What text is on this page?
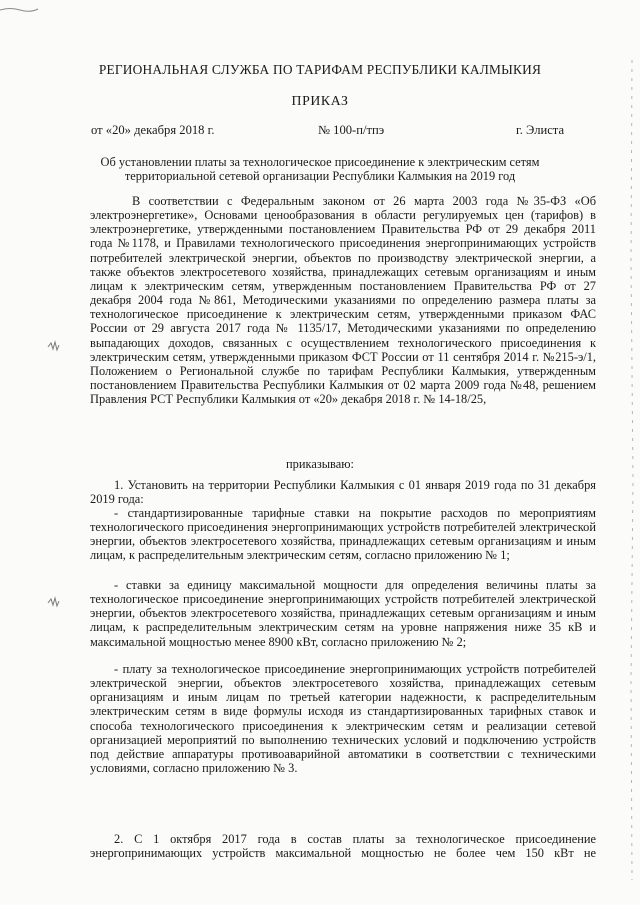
РЕГИОНАЛЬНАЯ СЛУЖБА ПО ТАРИФАМ РЕСПУБЛИКИ КАЛМЫКИЯ
ПРИКАЗ
от «20» декабря 2018 г.	№ 100-п/тпэ	г. Элиста
Об установлении платы за технологическое присоединение к электрическим сетям
территориальной сетевой организации Республики Калмыкия на 2019 год
В соответствии с Федеральным законом от 26 марта 2003 года №35-ФЗ «Об электроэнергетике», Основами ценообразования в области регулируемых цен (тарифов) в электроэнергетике, утвержденными постановлением Правительства РФ от 29 декабря 2011 года №1178, и Правилами технологического присоединения энергопринимающих устройств потребителей электрической энергии, объектов по производству электрической энергии, а также объектов электросетевого хозяйства, принадлежащих сетевым организациям и иным лицам к электрическим сетям, утвержденным постановлением Правительства РФ от 27 декабря 2004 года №861, Методическими указаниями по определению размера платы за технологическое присоединение к электрическим сетям, утвержденными приказом ФАС России от 29 августа 2017 года № 1135/17, Методическими указаниями по определению выпадающих доходов, связанных с осуществлением технологического присоединения к электрическим сетям, утвержденными приказом ФСТ России от 11 сентября 2014 г. №215-э/1, Положением о Региональной службе по тарифам Республики Калмыкия, утвержденным постановлением Правительства Республики Калмыкия от 02 марта 2009 года №48, решением Правления РСТ Республики Калмыкия от «20» декабря 2018 г. № 14-18/25,
приказываю:
1. Установить на территории Республики Калмыкия с 01 января 2019 года по 31 декабря 2019 года:
- стандартизированные тарифные ставки на покрытие расходов по мероприятиям технологического присоединения энергопринимающих устройств потребителей электрической энергии, объектов электросетевого хозяйства, принадлежащих сетевым организациям и иным лицам, к распределительным электрическим сетям, согласно приложению № 1;
- ставки за единицу максимальной мощности для определения величины платы за технологическое присоединение энергопринимающих устройств потребителей электрической энергии, объектов электросетевого хозяйства, принадлежащих сетевым организациям и иным лицам, к распределительным электрическим сетям на уровне напряжения ниже 35 кВ и максимальной мощностью менее 8900 кВт, согласно приложению № 2;
- плату за технологическое присоединение энергопринимающих устройств потребителей электрической энергии, объектов электросетевого хозяйства, принадлежащих сетевым организациям и иным лицам по третьей категории надежности, к распределительным электрическим сетям в виде формулы исходя из стандартизированных тарифных ставок и способа технологического присоединения к электрическим сетям и реализации сетевой организацией мероприятий по выполнению технических условий и подключению устройств под действие аппаратуры противоаварийной автоматики в соответствии с техническими условиями, согласно приложению № 3.
2. С 1 октября 2017 года в состав платы за технологическое присоединение энергопринимающих устройств максимальной мощностью не более чем 150 кВт не
